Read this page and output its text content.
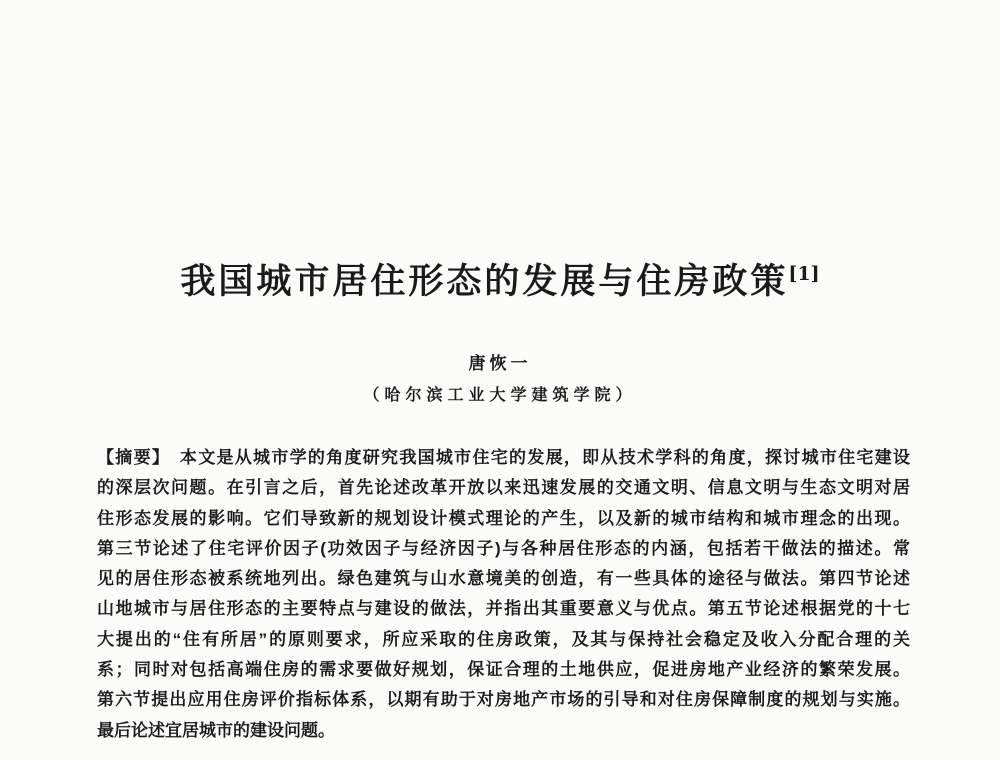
我国城市居住形态的发展与住房政策[1]
唐恢一
（哈尔滨工业大学建筑学院）
【摘要】　本文是从城市学的角度研究我国城市住宅的发展，即从技术学科的角度，探讨城市住宅建设
的深层次问题。在引言之后，首先论述改革开放以来迅速发展的交通文明、信息文明与生态文明对居
住形态发展的影响。它们导致新的规划设计模式理论的产生，以及新的城市结构和城市理念的出现。
第三节论述了住宅评价因子(功效因子与经济因子)与各种居住形态的内涵，包括若干做法的描述。常
见的居住形态被系统地列出。绿色建筑与山水意境美的创造，有一些具体的途径与做法。第四节论述
山地城市与居住形态的主要特点与建设的做法，并指出其重要意义与优点。第五节论述根据党的十七
大提出的“住有所居”的原则要求，所应采取的住房政策，及其与保持社会稳定及收入分配合理的关
系；同时对包括高端住房的需求要做好规划，保证合理的土地供应，促进房地产业经济的繁荣发展。
第六节提出应用住房评价指标体系，以期有助于对房地产市场的引导和对住房保障制度的规划与实施。
最后论述宜居城市的建设问题。
